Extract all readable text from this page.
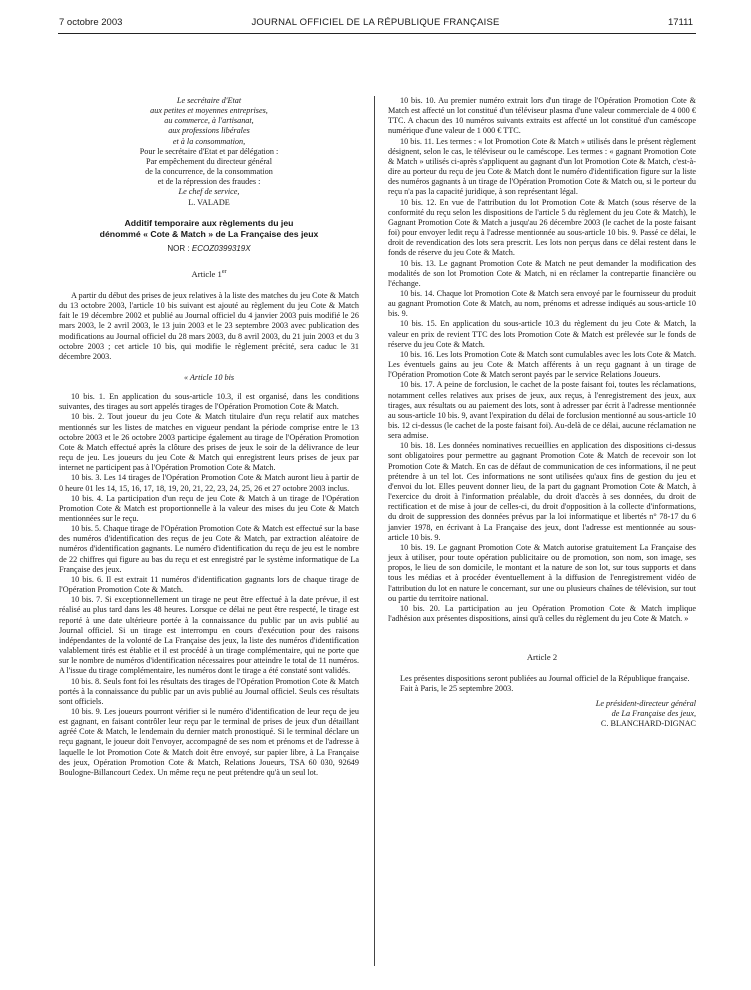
7 octobre 2003	JOURNAL OFFICIEL DE LA RÉPUBLIQUE FRANÇAISE	17111

Le secrétaire d'Etat

aux petites et moyennes entreprises,

au commerce, à l'artisanat,

aux professions libérales

et à la consommation,

Pour le secrétaire d'Etat et par délégation :

Par empêchement du directeur général

de la concurrence, de la consommation

et de la répression des fraudes :

Le chef de service,

L. VALADE

Additif temporaire aux règlements du jeu
dénommé « Cote & Match » de La Française des jeux
NOR : ECOZ0399319X
Article 1er

A partir du début des prises de jeux relatives à la liste des matches du jeu Cote & Match du 13 octobre 2003, l'article 10 bis suivant est ajouté au règlement du jeu Cote & Match fait le 19 décembre 2002 et publié au Journal officiel du 4 janvier 2003 puis modifié le 26 mars 2003, le 2 avril 2003, le 13 juin 2003 et le 23 septembre 2003 avec publication des modifications au Journal officiel du 28 mars 2003, du 8 avril 2003, du 21 juin 2003 et du 3 octobre 2003 ; cet article 10 bis, qui modifie le règlement précité, sera caduc le 31 décembre 2003.

« Article 10 bis

10 bis. 1. En application du sous-article 10.3, il est organisé, dans les conditions suivantes, des tirages au sort appelés tirages de l'Opération Promotion Cote & Match.

10 bis. 2. Tout joueur du jeu Cote & Match titulaire d'un reçu relatif aux matches mentionnés sur les listes de matches en vigueur pendant la période comprise entre le 13 octobre 2003 et le 26 octobre 2003 participe également au tirage de l'Opération Promotion Cote & Match effectué après la clôture des prises de jeux le soir de la délivrance de leur reçu de jeu. Les joueurs du jeu Cote & Match qui enregistrent leurs prises de jeux par internet ne participent pas à l'Opération Promotion Cote & Match.

10 bis. 3. Les 14 tirages de l'Opération Promotion Cote & Match auront lieu à partir de 0 heure 01 les 14, 15, 16, 17, 18, 19, 20, 21, 22, 23, 24, 25, 26 et 27 octobre 2003 inclus.

10 bis. 4. La participation d'un reçu de jeu Cote & Match à un tirage de l'Opération Promotion Cote & Match est proportionnelle à la valeur des mises du jeu Cote & Match mentionnées sur le reçu.

10 bis. 5. Chaque tirage de l'Opération Promotion Cote & Match est effectué sur la base des numéros d'identification des reçus de jeu Cote & Match, par extraction aléatoire de numéros d'identification gagnants. Le numéro d'identification du reçu de jeu est le nombre de 22 chiffres qui figure au bas du reçu et est enregistré par le système informatique de La Française des jeux.

10 bis. 6. Il est extrait 11 numéros d'identification gagnants lors de chaque tirage de l'Opération Promotion Cote & Match.

10 bis. 7. Si exceptionnellement un tirage ne peut être effectué à la date prévue, il est réalisé au plus tard dans les 48 heures. Lorsque ce délai ne peut être respecté, le tirage est reporté à une date ultérieure portée à la connaissance du public par un avis publié au Journal officiel. Si un tirage est interrompu en cours d'exécution pour des raisons indépendantes de la volonté de La Française des jeux, la liste des numéros d'identification valablement tirés est établie et il est procédé à un tirage complémentaire, qui ne porte que sur le nombre de numéros d'identification nécessaires pour atteindre le total de 11 numéros. A l'issue du tirage complémentaire, les numéros dont le tirage a été constaté sont validés.

10 bis. 8. Seuls font foi les résultats des tirages de l'Opération Promotion Cote & Match portés à la connaissance du public par un avis publié au Journal officiel. Seuls ces résultats sont officiels.

10 bis. 9. Les joueurs pourront vérifier si le numéro d'identification de leur reçu de jeu est gagnant, en faisant contrôler leur reçu par le terminal de prises de jeux d'un détaillant agréé Cote & Match, le lendemain du dernier match pronostiqué. Si le terminal déclare un reçu gagnant, le joueur doit l'envoyer, accompagné de ses nom et prénoms et de l'adresse à laquelle le lot Promotion Cote & Match doit être envoyé, sur papier libre, à La Française des jeux, Opération Promotion Cote & Match, Relations Joueurs, TSA 60 030, 92649 Boulogne-Billancourt Cedex. Un même reçu ne peut prétendre qu'à un seul lot.

10 bis. 10. Au premier numéro extrait lors d'un tirage de l'Opération Promotion Cote & Match est affecté un lot constitué d'un téléviseur plasma d'une valeur commerciale de 4 000 € TTC. A chacun des 10 numéros suivants extraits est affecté un lot constitué d'un caméscope numérique d'une valeur de 1 000 € TTC.

10 bis. 11. Les termes : « lot Promotion Cote & Match » utilisés dans le présent règlement désignent, selon le cas, le téléviseur ou le caméscope. Les termes : « gagnant Promotion Cote & Match » utilisés ci-après s'appliquent au gagnant d'un lot Promotion Cote & Match, c'est-à-dire au porteur du reçu de jeu Cote & Match dont le numéro d'identification figure sur la liste des numéros gagnants à un tirage de l'Opération Promotion Cote & Match ou, si le porteur du reçu n'a pas la capacité juridique, à son représentant légal.

10 bis. 12. En vue de l'attribution du lot Promotion Cote & Match (sous réserve de la conformité du reçu selon les dispositions de l'article 5 du règlement du jeu Cote & Match), le Gagnant Promotion Cote & Match a jusqu'au 26 décembre 2003 (le cachet de la poste faisant foi) pour envoyer ledit reçu à l'adresse mentionnée au sous-article 10 bis. 9. Passé ce délai, le droit de revendication des lots sera prescrit. Les lots non perçus dans ce délai restent dans le fonds de réserve du jeu Cote & Match.

10 bis. 13. Le gagnant Promotion Cote & Match ne peut demander la modification des modalités de son lot Promotion Cote & Match, ni en réclamer la contrepartie financière ou l'échange.

10 bis. 14. Chaque lot Promotion Cote & Match sera envoyé par le fournisseur du produit au gagnant Promotion Cote & Match, au nom, prénoms et adresse indiqués au sous-article 10 bis. 9.

10 bis. 15. En application du sous-article 10.3 du règlement du jeu Cote & Match, la valeur en prix de revient TTC des lots Promotion Cote & Match est prélevée sur le fonds de réserve du jeu Cote & Match.

10 bis. 16. Les lots Promotion Cote & Match sont cumulables avec les lots Cote & Match. Les éventuels gains au jeu Cote & Match afférents à un reçu gagnant à un tirage de l'Opération Promotion Cote & Match seront payés par le service Relations Joueurs.

10 bis. 17. A peine de forclusion, le cachet de la poste faisant foi, toutes les réclamations, notamment celles relatives aux prises de jeux, aux reçus, à l'enregistrement des jeux, aux tirages, aux résultats ou au paiement des lots, sont à adresser par écrit à l'adresse mentionnée au sous-article 10 bis. 9, avant l'expiration du délai de forclusion mentionné au sous-article 10 bis. 12 ci-dessus (le cachet de la poste faisant foi). Au-delà de ce délai, aucune réclamation ne sera admise.

10 bis. 18. Les données nominatives recueillies en application des dispositions ci-dessus sont obligatoires pour permettre au gagnant Promotion Cote & Match de recevoir son lot Promotion Cote & Match. En cas de défaut de communication de ces informations, il ne peut prétendre à un tel lot. Ces informations ne sont utilisées qu'aux fins de gestion du jeu et d'envoi du lot. Elles peuvent donner lieu, de la part du gagnant Promotion Cote & Match, à l'exercice du droit à l'information préalable, du droit d'accès à ses données, du droit de rectification et de mise à jour de celles-ci, du droit d'opposition à la collecte d'informations, du droit de suppression des données prévus par la loi informatique et libertés n° 78-17 du 6 janvier 1978, en écrivant à La Française des jeux, dont l'adresse est mentionnée au sous-article 10 bis. 9.

10 bis. 19. Le gagnant Promotion Cote & Match autorise gratuitement La Française des jeux à utiliser, pour toute opération publicitaire ou de promotion, son nom, son image, ses propos, le lieu de son domicile, le montant et la nature de son lot, sur tous supports et dans tous les médias et à procéder éventuellement à la diffusion de l'enregistrement vidéo de l'attribution du lot en nature le concernant, sur une ou plusieurs chaînes de télévision, sur tout ou partie du territoire national.

10 bis. 20. La participation au jeu Opération Promotion Cote & Match implique l'adhésion aux présentes dispositions, ainsi qu'à celles du règlement du jeu Cote & Match. »

Article 2

Les présentes dispositions seront publiées au Journal officiel de la République française.

Fait à Paris, le 25 septembre 2003.

Le président-directeur général

de La Française des jeux,

C. BLANCHARD-DIGNAC
